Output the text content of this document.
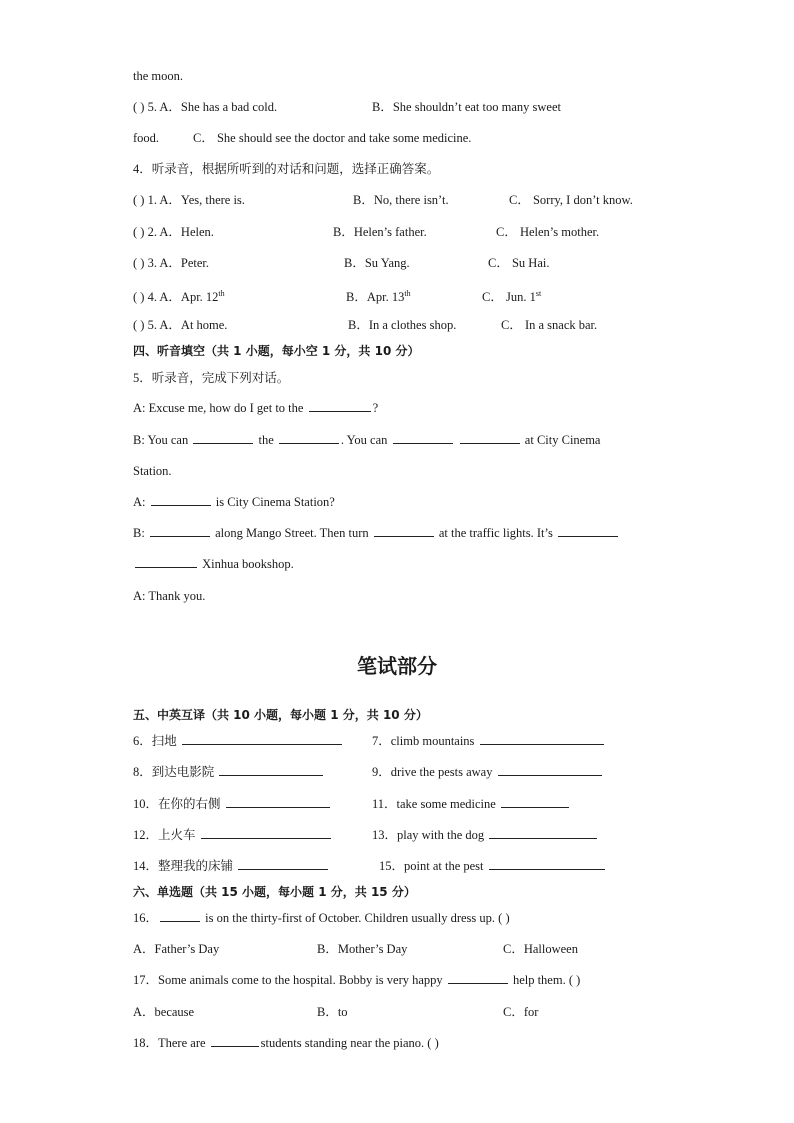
the moon.
( ) 5. A．She has a bad cold.	B．She shouldn’t eat too many sweet
food.	C． She should see the doctor and take some medicine.
4．听录音，根据所听到的对话和问题，选择正确答案。
( ) 1. A．Yes, there is.	B．No, there isn’t.	C． Sorry, I don’t know.
( ) 2. A．Helen.	B．Helen’s father.	C． Helen’s mother.
( ) 3. A．Peter.	B．Su Yang.	C． Su Hai.
( ) 4. A．Apr. 12th	B．Apr. 13th	C． Jun. 1st
( ) 5. A．At home.	B．In a clothes shop.	C． In a snack bar.
四、听音填空（共 1 小题，每小空 1 分，共 10 分）
5．听录音，完成下列对话。
A: Excuse me, how do I get to the	?
B: You can	the	. You can	at City Cinema
Station.
A:	is City Cinema Station?
B:	along Mango Street. Then turn	at the traffic lights. It’s
Xinhua bookshop.
A: Thank you.
笔试部分
五、中英互译（共 10 小题，每小题 1 分，共 10 分）
6．扫地	7．climb mountains
8．到达电影院	9．drive the pests away
10．在你的右侧	11．take some medicine
12．上火车	13．play with the dog
14．整理我的床铺	15．point at the pest
六、单选题（共 15 小题，每小题 1 分，共 15 分）
16．	is on the thirty-first of October. Children usually dress up. ( )
A．Father’s Day	B．Mother’s Day	C．Halloween
17．Some animals come to the hospital. Bobby is very happy	help them. ( )
A．because	B．to	C．for
18．There are	students standing near the piano. ( )
